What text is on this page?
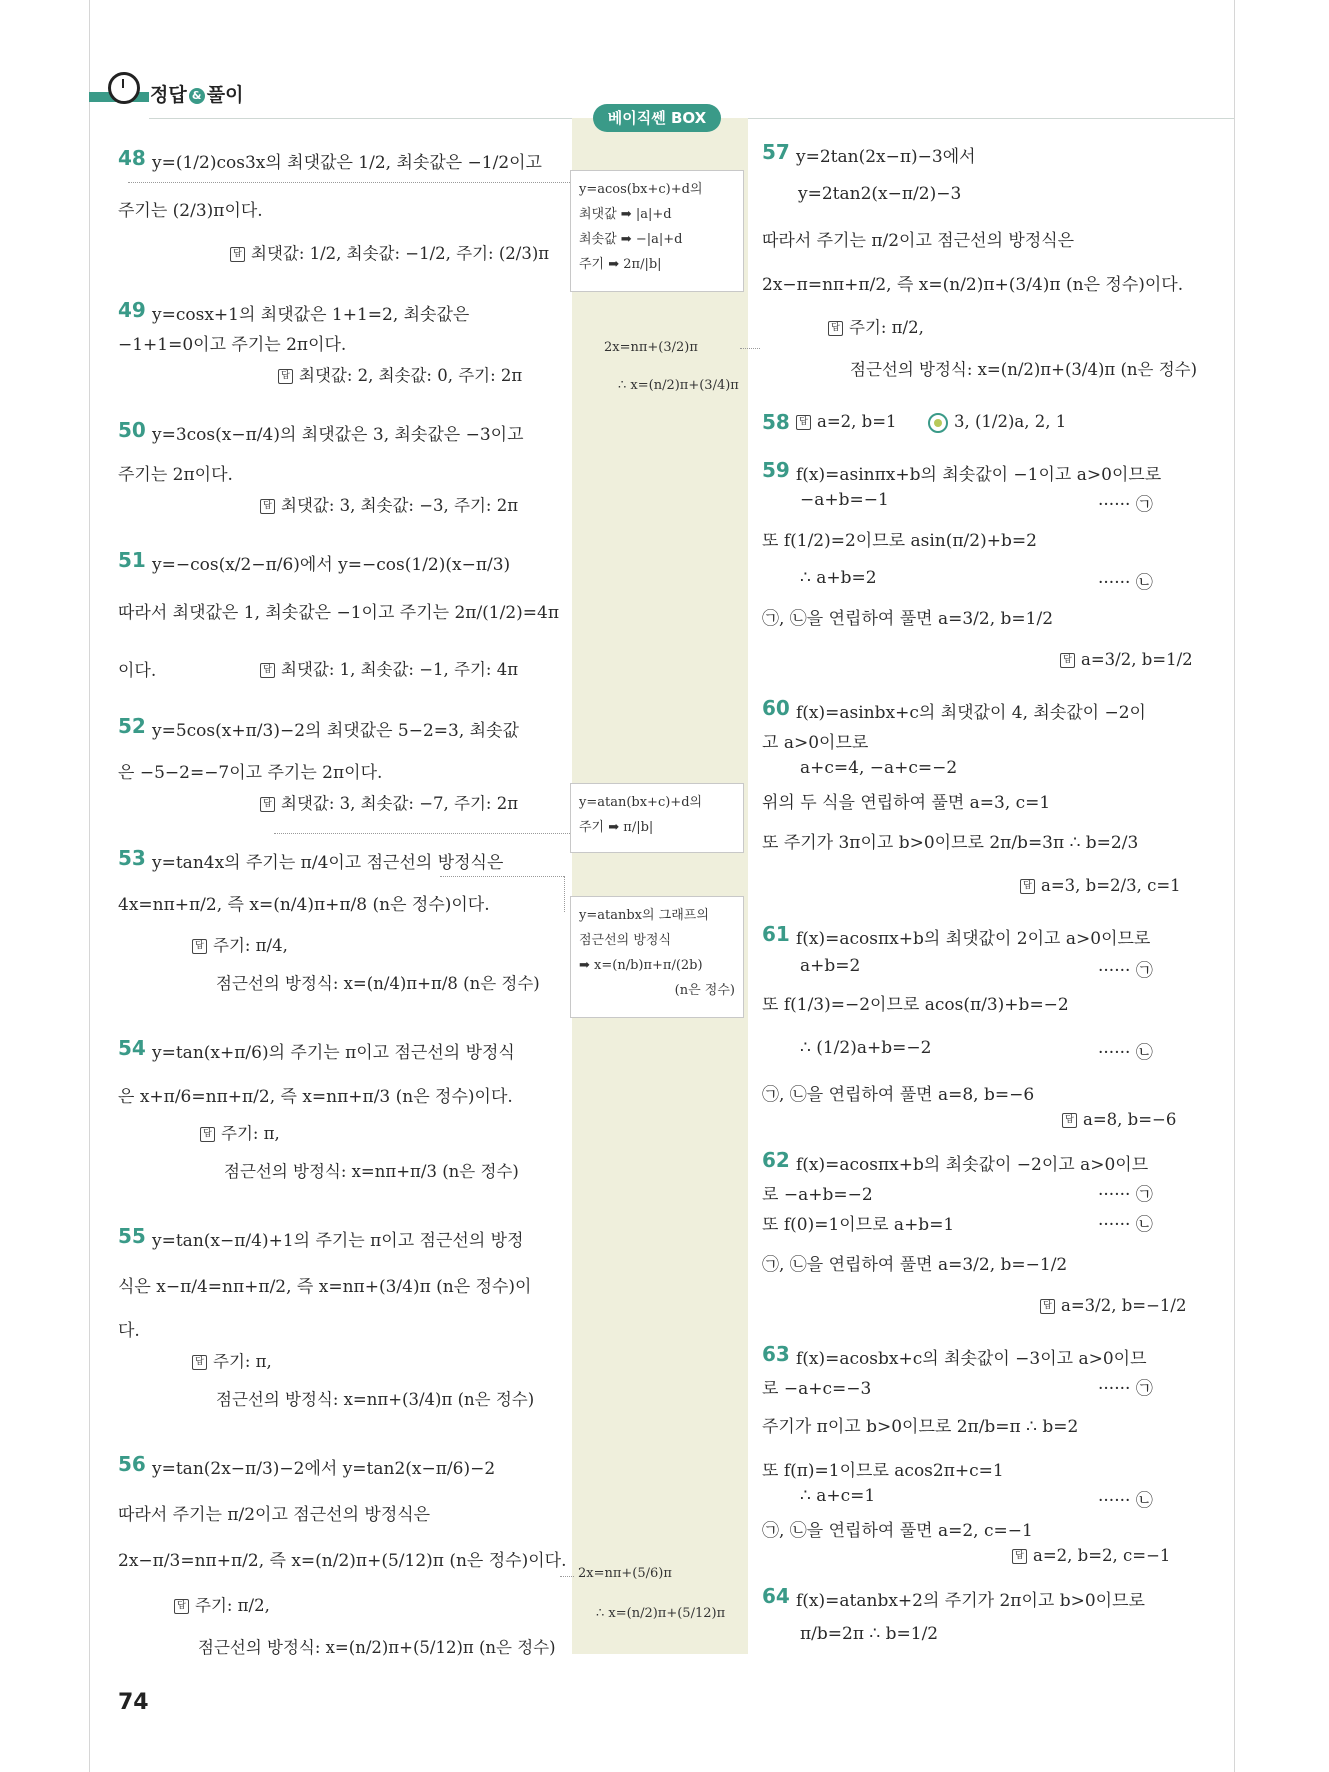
정답 & 풀이
베이직쎈 BOX
y=acos(bx+c)+d의
최댓값 ➡ |a|+d
최솟값 ➡ −|a|+d
주기 ➡ 2π/|b|
2x=nπ+(3/2)π
∴ x=(n/2)π+(3/4)π
y=atan(bx+c)+d의
주기 ➡ π/|b|
y=atanbx의 그래프의
점근선의 방정식
➡ x=(n/b)π+π/(2b)
(n은 정수)
2x=nπ+(5/6)π
∴ x=(n/2)π+(5/12)π
48 y=(1/2)cos3x의 최댓값은 1/2, 최솟값은 −1/2이고
주기는 (2/3)π이다.
답 최댓값: 1/2, 최솟값: −1/2, 주기: (2/3)π
49 y=cosx+1의 최댓값은 1+1=2, 최솟값은
−1+1=0이고 주기는 2π이다.
답 최댓값: 2, 최솟값: 0, 주기: 2π
50 y=3cos(x−π/4)의 최댓값은 3, 최솟값은 −3이고
주기는 2π이다.
답 최댓값: 3, 최솟값: −3, 주기: 2π
51 y=−cos(x/2−π/6)에서 y=−cos(1/2)(x−π/3)
따라서 최댓값은 1, 최솟값은 −1이고 주기는 2π/(1/2)=4π
이다.	답 최댓값: 1, 최솟값: −1, 주기: 4π
52 y=5cos(x+π/3)−2의 최댓값은 5−2=3, 최솟값
은 −5−2=−7이고 주기는 2π이다.
답 최댓값: 3, 최솟값: −7, 주기: 2π
53 y=tan4x의 주기는 π/4이고 점근선의 방정식은
4x=nπ+π/2, 즉 x=(n/4)π+π/8 (n은 정수)이다.
답 주기: π/4,
점근선의 방정식: x=(n/4)π+π/8 (n은 정수)
54 y=tan(x+π/6)의 주기는 π이고 점근선의 방정식
은 x+π/6=nπ+π/2, 즉 x=nπ+π/3 (n은 정수)이다.
답 주기: π,
점근선의 방정식: x=nπ+π/3 (n은 정수)
55 y=tan(x−π/4)+1의 주기는 π이고 점근선의 방정
식은 x−π/4=nπ+π/2, 즉 x=nπ+(3/4)π (n은 정수)이
다.
답 주기: π,
점근선의 방정식: x=nπ+(3/4)π (n은 정수)
56 y=tan(2x−π/3)−2에서 y=tan2(x−π/6)−2
따라서 주기는 π/2이고 점근선의 방정식은
2x−π/3=nπ+π/2, 즉 x=(n/2)π+(5/12)π (n은 정수)이다.
답 주기: π/2,
점근선의 방정식: x=(n/2)π+(5/12)π (n은 정수)
57 y=2tan(2x−π)−3에서
y=2tan2(x−π/2)−3
따라서 주기는 π/2이고 점근선의 방정식은
2x−π=nπ+π/2, 즉 x=(n/2)π+(3/4)π (n은 정수)이다.
답 주기: π/2,
점근선의 방정식: x=(n/2)π+(3/4)π (n은 정수)
58	답 a=2, b=1	3, (1/2)a, 2, 1
59 f(x)=asinπx+b의 최솟값이 −1이고 a>0이므로
−a+b=−1	······ ㉠
또 f(1/2)=2이므로 asin(π/2)+b=2
∴ a+b=2	······ ㉡
㉠, ㉡을 연립하여 풀면 a=3/2, b=1/2
답 a=3/2, b=1/2
60 f(x)=asinbx+c의 최댓값이 4, 최솟값이 −2이
고 a>0이므로
a+c=4, −a+c=−2
위의 두 식을 연립하여 풀면 a=3, c=1
또 주기가 3π이고 b>0이므로 2π/b=3π ∴ b=2/3
답 a=3, b=2/3, c=1
61 f(x)=acosπx+b의 최댓값이 2이고 a>0이므로
a+b=2	······ ㉠
또 f(1/3)=−2이므로 acos(π/3)+b=−2
∴ (1/2)a+b=−2	······ ㉡
㉠, ㉡을 연립하여 풀면 a=8, b=−6
답 a=8, b=−6
62 f(x)=acosπx+b의 최솟값이 −2이고 a>0이므
로 −a+b=−2	······ ㉠
또 f(0)=1이므로 a+b=1	······ ㉡
㉠, ㉡을 연립하여 풀면 a=3/2, b=−1/2
답 a=3/2, b=−1/2
63 f(x)=acosbx+c의 최솟값이 −3이고 a>0이므
로 −a+c=−3	······ ㉠
주기가 π이고 b>0이므로 2π/b=π ∴ b=2
또 f(π)=1이므로 acos2π+c=1
∴ a+c=1	······ ㉡
㉠, ㉡을 연립하여 풀면 a=2, c=−1
답 a=2, b=2, c=−1
64 f(x)=atanbx+2의 주기가 2π이고 b>0이므로
π/b=2π ∴ b=1/2
74
